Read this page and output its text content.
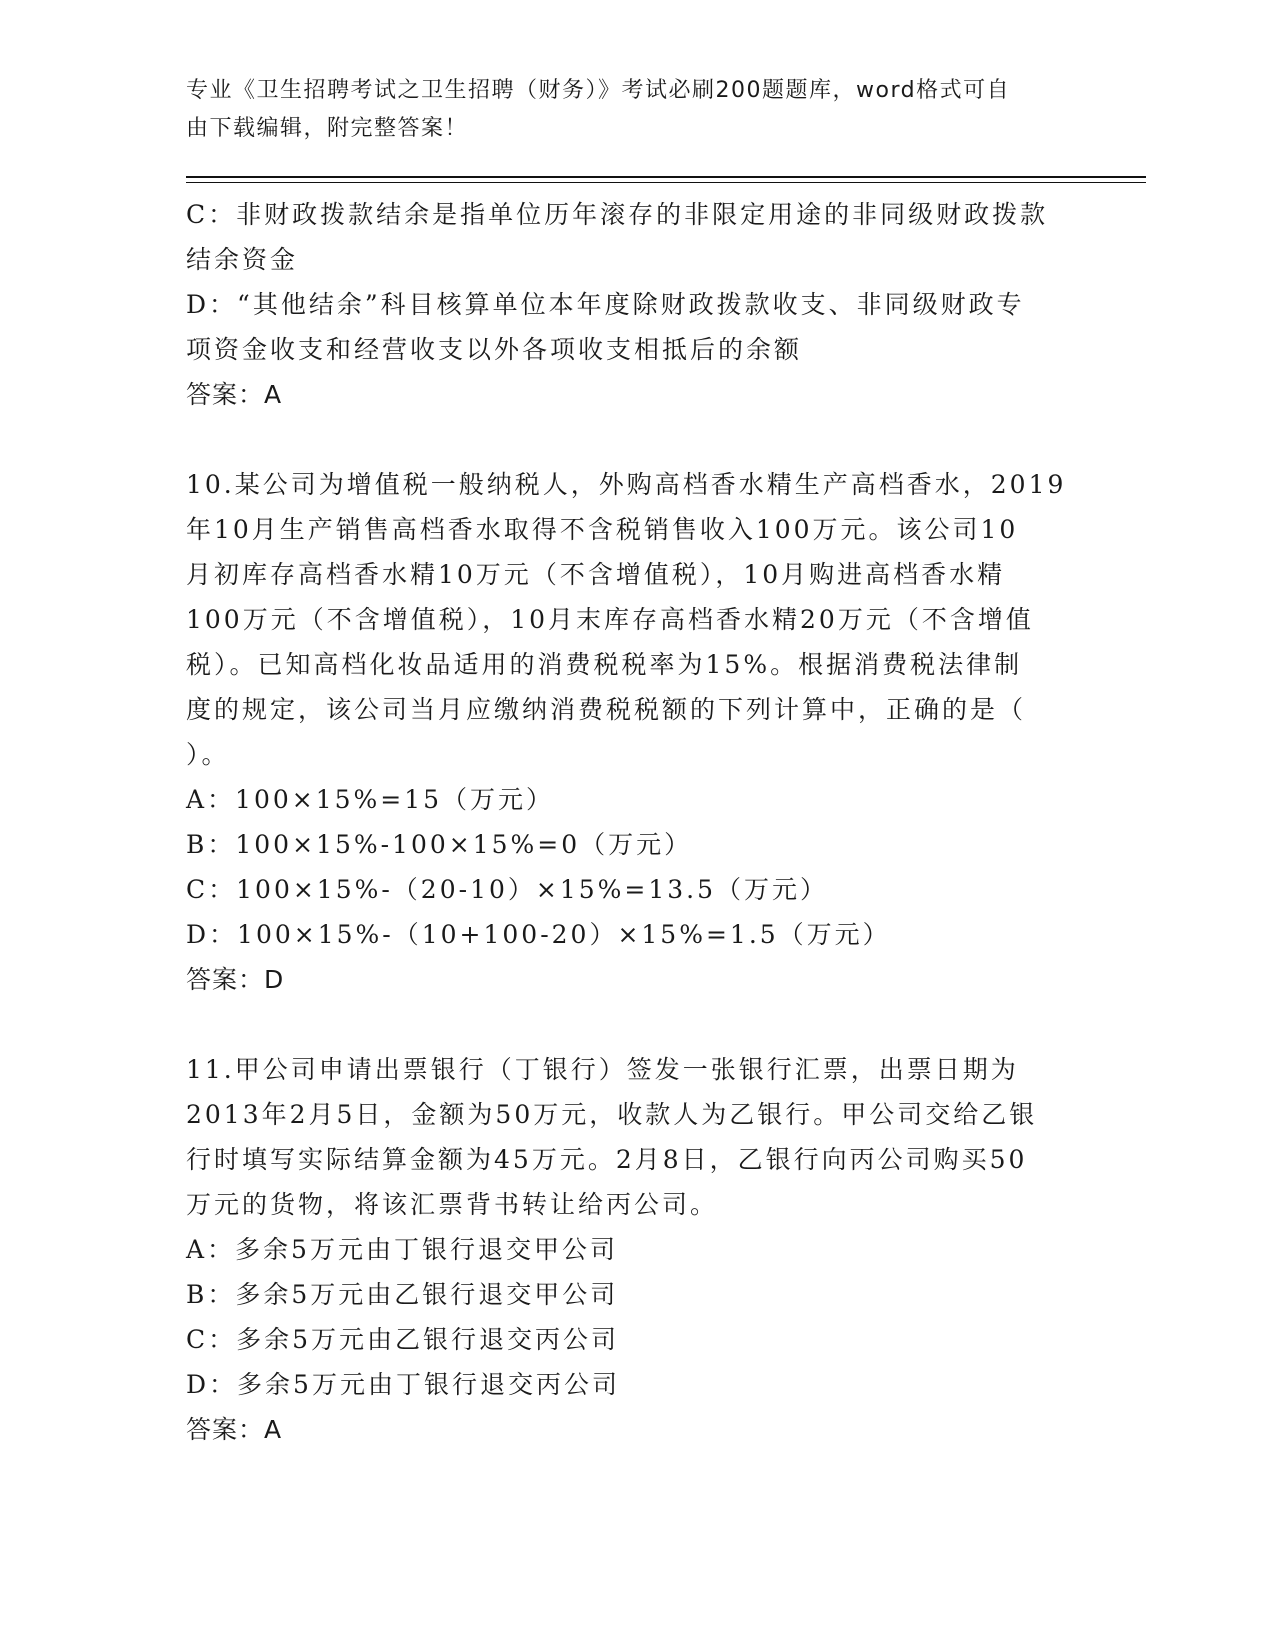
专业《卫生招聘考试之卫生招聘（财务）》考试必刷200题题库，word格式可自
由下载编辑，附完整答案！
C：非财政拨款结余是指单位历年滚存的非限定用途的非同级财政拨款
结余资金
D：“其他结余”科目核算单位本年度除财政拨款收支、非同级财政专
项资金收支和经营收支以外各项收支相抵后的余额
答案：A
10.某公司为增值税一般纳税人，外购高档香水精生产高档香水，2019
年10月生产销售高档香水取得不含税销售收入100万元。该公司10
月初库存高档香水精10万元（不含增值税），10月购进高档香水精
100万元（不含增值税），10月末库存高档香水精20万元（不含增值
税）。已知高档化妆品适用的消费税税率为15%。根据消费税法律制
度的规定，该公司当月应缴纳消费税税额的下列计算中，正确的是（
）。
A：100×15%=15（万元）
B：100×15%-100×15%=0（万元）
C：100×15%-（20-10）×15%=13.5（万元）
D：100×15%-（10+100-20）×15%=1.5（万元）
答案：D
11.甲公司申请出票银行（丁银行）签发一张银行汇票，出票日期为
2013年2月5日，金额为50万元，收款人为乙银行。甲公司交给乙银
行时填写实际结算金额为45万元。2月8日，乙银行向丙公司购买50
万元的货物，将该汇票背书转让给丙公司。
A：多余5万元由丁银行退交甲公司
B：多余5万元由乙银行退交甲公司
C：多余5万元由乙银行退交丙公司
D：多余5万元由丁银行退交丙公司
答案：A
